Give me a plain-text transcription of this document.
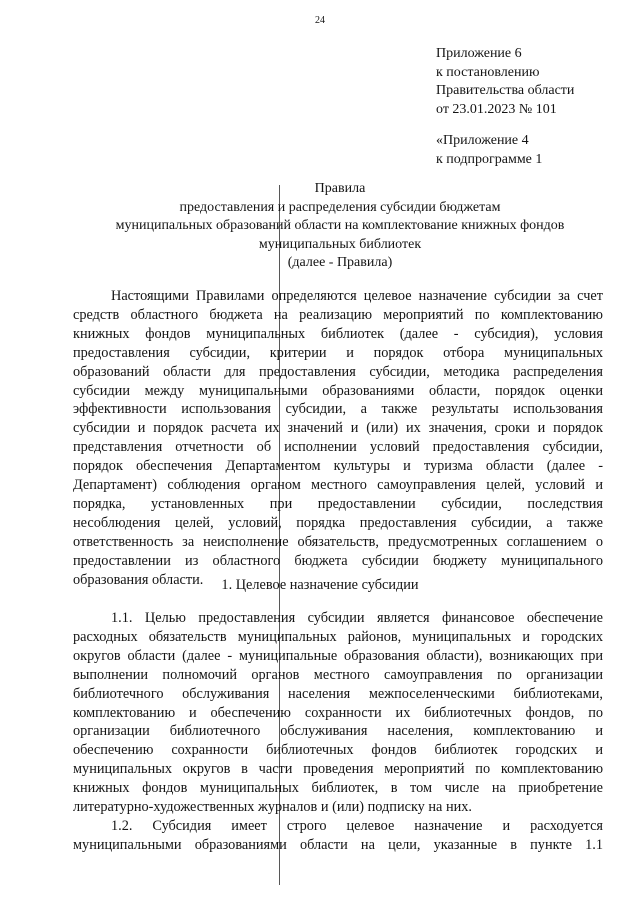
24
Приложение 6
к постановлению
Правительства области
от 23.01.2023 № 101
«Приложение 4
к подпрограмме 1
Правила
предоставления и распределения субсидии бюджетам
муниципальных образований области на комплектование книжных фондов
муниципальных библиотек
(далее - Правила)
Настоящими Правилами определяются целевое назначение субсидии за счет
средств областного бюджета на реализацию мероприятий по комплектованию
книжных фондов муниципальных библиотек (далее - субсидия), условия
предоставления субсидии, критерии и порядок отбора муниципальных
образований области для предоставления субсидии, методика распределения
субсидии между муниципальными образованиями области, порядок оценки
эффективности использования субсидии, а также результаты использования
субсидии и порядок расчета их значений и (или) их значения, сроки и порядок
представления отчетности об исполнении условий предоставления субсидии,
порядок обеспечения Департаментом культуры и туризма области (далее -
Департамент) соблюдения органом местного самоуправления целей, условий и
порядка, установленных при предоставлении субсидии, последствия
несоблюдения целей, условий, порядка предоставления субсидии, а также
ответственность за неисполнение обязательств, предусмотренных соглашением о
предоставлении из областного бюджета субсидии бюджету муниципального
образования области.	1. Целевое назначение субсидии
1.1. Целью предоставления субсидии является финансовое обеспечение
расходных обязательств муниципальных районов, муниципальных и городских
округов области (далее - муниципальные образования области), возникающих при
выполнении полномочий органов местного самоуправления по организации
библиотечного обслуживания населения межпоселенческими библиотеками,
комплектованию и обеспечению сохранности их библиотечных фондов, по
организации библиотечного обслуживания населения, комплектованию и
обеспечению сохранности библиотечных фондов библиотек городских и
муниципальных округов в части проведения мероприятий по комплектованию
книжных фондов муниципальных библиотек, в том числе на приобретение
литературно-художественных журналов и (или) подписку на них.
1.2. Субсидия имеет строго целевое назначение и расходуется
муниципальными образованиями области на цели, указанные в пункте 1.1
